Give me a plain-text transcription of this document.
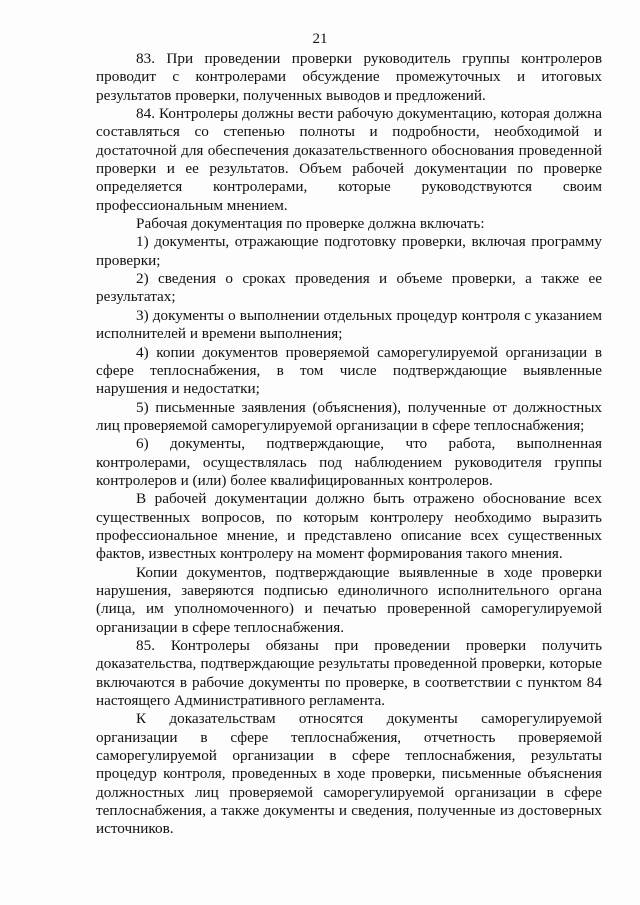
21

83. При проведении проверки руководитель группы контролеров проводит с контролерами обсуждение промежуточных и итоговых результатов проверки, полученных выводов и предложений.

84. Контролеры должны вести рабочую документацию, которая должна составляться со степенью полноты и подробности, необходимой и достаточной для обеспечения доказательственного обоснования проведенной проверки и ее результатов. Объем рабочей документации по проверке определяется контролерами, которые руководствуются своим профессиональным мнением.

Рабочая документация по проверке должна включать:

1) документы, отражающие подготовку проверки, включая программу проверки;

2) сведения о сроках проведения и объеме проверки, а также ее результатах;

3) документы о выполнении отдельных процедур контроля с указанием исполнителей и времени выполнения;

4) копии документов проверяемой саморегулируемой организации в сфере теплоснабжения, в том числе подтверждающие выявленные нарушения и недостатки;

5) письменные заявления (объяснения), полученные от должностных лиц проверяемой саморегулируемой организации в сфере теплоснабжения;

6) документы, подтверждающие, что работа, выполненная контролерами, осуществлялась под наблюдением руководителя группы контролеров и (или) более квалифицированных контролеров.

В рабочей документации должно быть отражено обоснование всех существенных вопросов, по которым контролеру необходимо выразить профессиональное мнение, и представлено описание всех существенных фактов, известных контролеру на момент формирования такого мнения.

Копии документов, подтверждающие выявленные в ходе проверки нарушения, заверяются подписью единоличного исполнительного органа (лица, им уполномоченного) и печатью проверенной саморегулируемой организации в сфере теплоснабжения.

85. Контролеры обязаны при проведении проверки получить доказательства, подтверждающие результаты проведенной проверки, которые включаются в рабочие документы по проверке, в соответствии с пунктом 84 настоящего Административного регламента.

К доказательствам относятся документы саморегулируемой организации в сфере теплоснабжения, отчетность проверяемой саморегулируемой организации в сфере теплоснабжения, результаты процедур контроля, проведенных в ходе проверки, письменные объяснения должностных лиц проверяемой саморегулируемой организации в сфере теплоснабжения, а также документы и сведения, полученные из достоверных источников.
